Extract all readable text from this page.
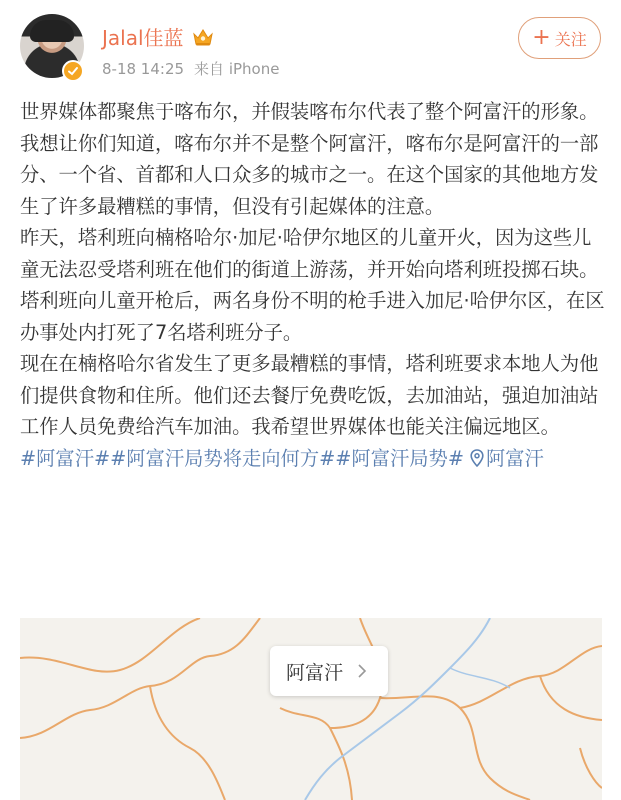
Jalal佳蓝
8-18 14:25 来自 iPhone
+ 关注

世界媒体都聚焦于喀布尔，并假装喀布尔代表了整个阿富汗的形象。我想让你们知道，喀布尔并不是整个阿富汗，喀布尔是阿富汗的一部分、一个省、首都和人口众多的城市之一。在这个国家的其他地方发生了许多最糟糕的事情，但没有引起媒体的注意。

昨天，塔利班向楠格哈尔·加尼·哈伊尔地区的儿童开火，因为这些儿童无法忍受塔利班在他们的街道上游荡，并开始向塔利班投掷石块。塔利班向儿童开枪后，两名身份不明的枪手进入加尼·哈伊尔区，在区办事处内打死了7名塔利班分子。

现在在楠格哈尔省发生了更多最糟糕的事情，塔利班要求本地人为他们提供食物和住所。他们还去餐厅免费吃饭，去加油站，强迫加油站工作人员免费给汽车加油。我希望世界媒体也能关注偏远地区。

#阿富汗##阿富汗局势将走向何方##阿富汗局势# 阿富汗

阿富汗
